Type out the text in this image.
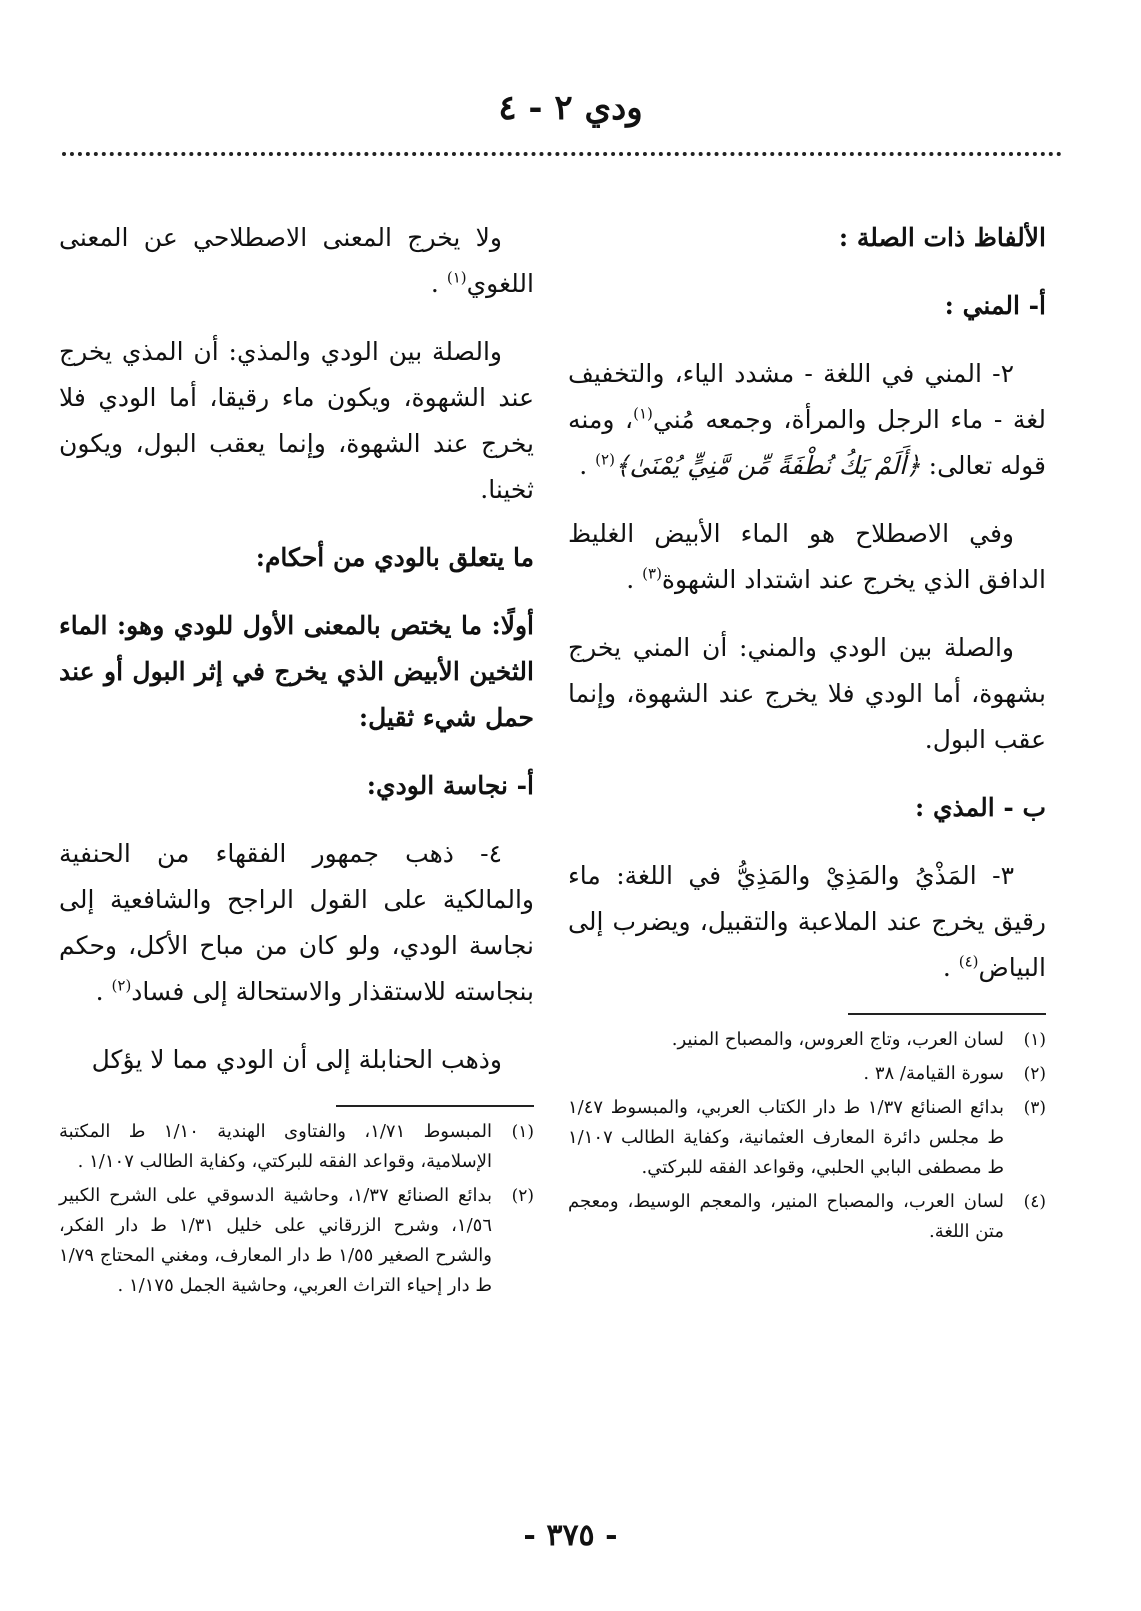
ودي ٢ - ٤
الألفاظ ذات الصلة :
أ- المني :

٢- المني في اللغة - مشدد الياء، والتخفيف لغة - ماء الرجل والمرأة، وجمعه مُني$^{(١)}$، ومنه قوله تعالى: ﴿أَلَمْ يَكُ نُطْفَةً مِّن مَّنِيٍّ يُمْنَىٰ﴾$^{(٢)}$ .

وفي الاصطلاح هو الماء الأبيض الغليظ الدافق الذي يخرج عند اشتداد الشهوة$^{(٣)}$ .

والصلة بين الودي والمني: أن المني يخرج بشهوة، أما الودي فلا يخرج عند الشهوة، وإنما عقب البول.

ب - المذي :

٣- المَذْيُ والمَذِيْ والمَذِيُّ في اللغة: ماء رقيق يخرج عند الملاعبة والتقبيل، ويضرب إلى البياض$^{(٤)}$ .

(١)
لسان العرب، وتاج العروس، والمصباح المنير.
(٢)
سورة القيامة/ ٣٨ .
(٣)
بدائع الصنائع ١/٣٧ ط دار الكتاب العربي، والمبسوط ١/٤٧ ط مجلس دائرة المعارف العثمانية، وكفاية الطالب ١/١٠٧ ط مصطفى البابي الحلبي، وقواعد الفقه للبركتي.
(٤)
لسان العرب، والمصباح المنير، والمعجم الوسيط، ومعجم متن اللغة.

ولا يخرج المعنى الاصطلاحي عن المعنى اللغوي$^{(١)}$ .

والصلة بين الودي والمذي: أن المذي يخرج عند الشهوة، ويكون ماء رقيقا، أما الودي فلا يخرج عند الشهوة، وإنما يعقب البول، ويكون ثخينا.

ما يتعلق بالودي من أحكام:
أولًا: ما يختص بالمعنى الأول للودي وهو: الماء الثخين الأبيض الذي يخرج في إثر البول أو عند حمل شيء ثقيل:
أ- نجاسة الودي:

٤- ذهب جمهور الفقهاء من الحنفية والمالكية على القول الراجح والشافعية إلى نجاسة الودي، ولو كان من مباح الأكل، وحكم بنجاسته للاستقذار والاستحالة إلى فساد$^{(٢)}$ .

وذهب الحنابلة إلى أن الودي مما لا يؤكل

(١)
المبسوط ١/٧١، والفتاوى الهندية ١/١٠ ط المكتبة الإسلامية، وقواعد الفقه للبركتي، وكفاية الطالب ١/١٠٧ .
(٢)
بدائع الصنائع ١/٣٧، وحاشية الدسوقي على الشرح الكبير ١/٥٦، وشرح الزرقاني على خليل ١/٣١ ط دار الفكر، والشرح الصغير ١/٥٥ ط دار المعارف، ومغني المحتاج ١/٧٩ ط دار إحياء التراث العربي، وحاشية الجمل ١/١٧٥ .
- ٣٧٥ -
